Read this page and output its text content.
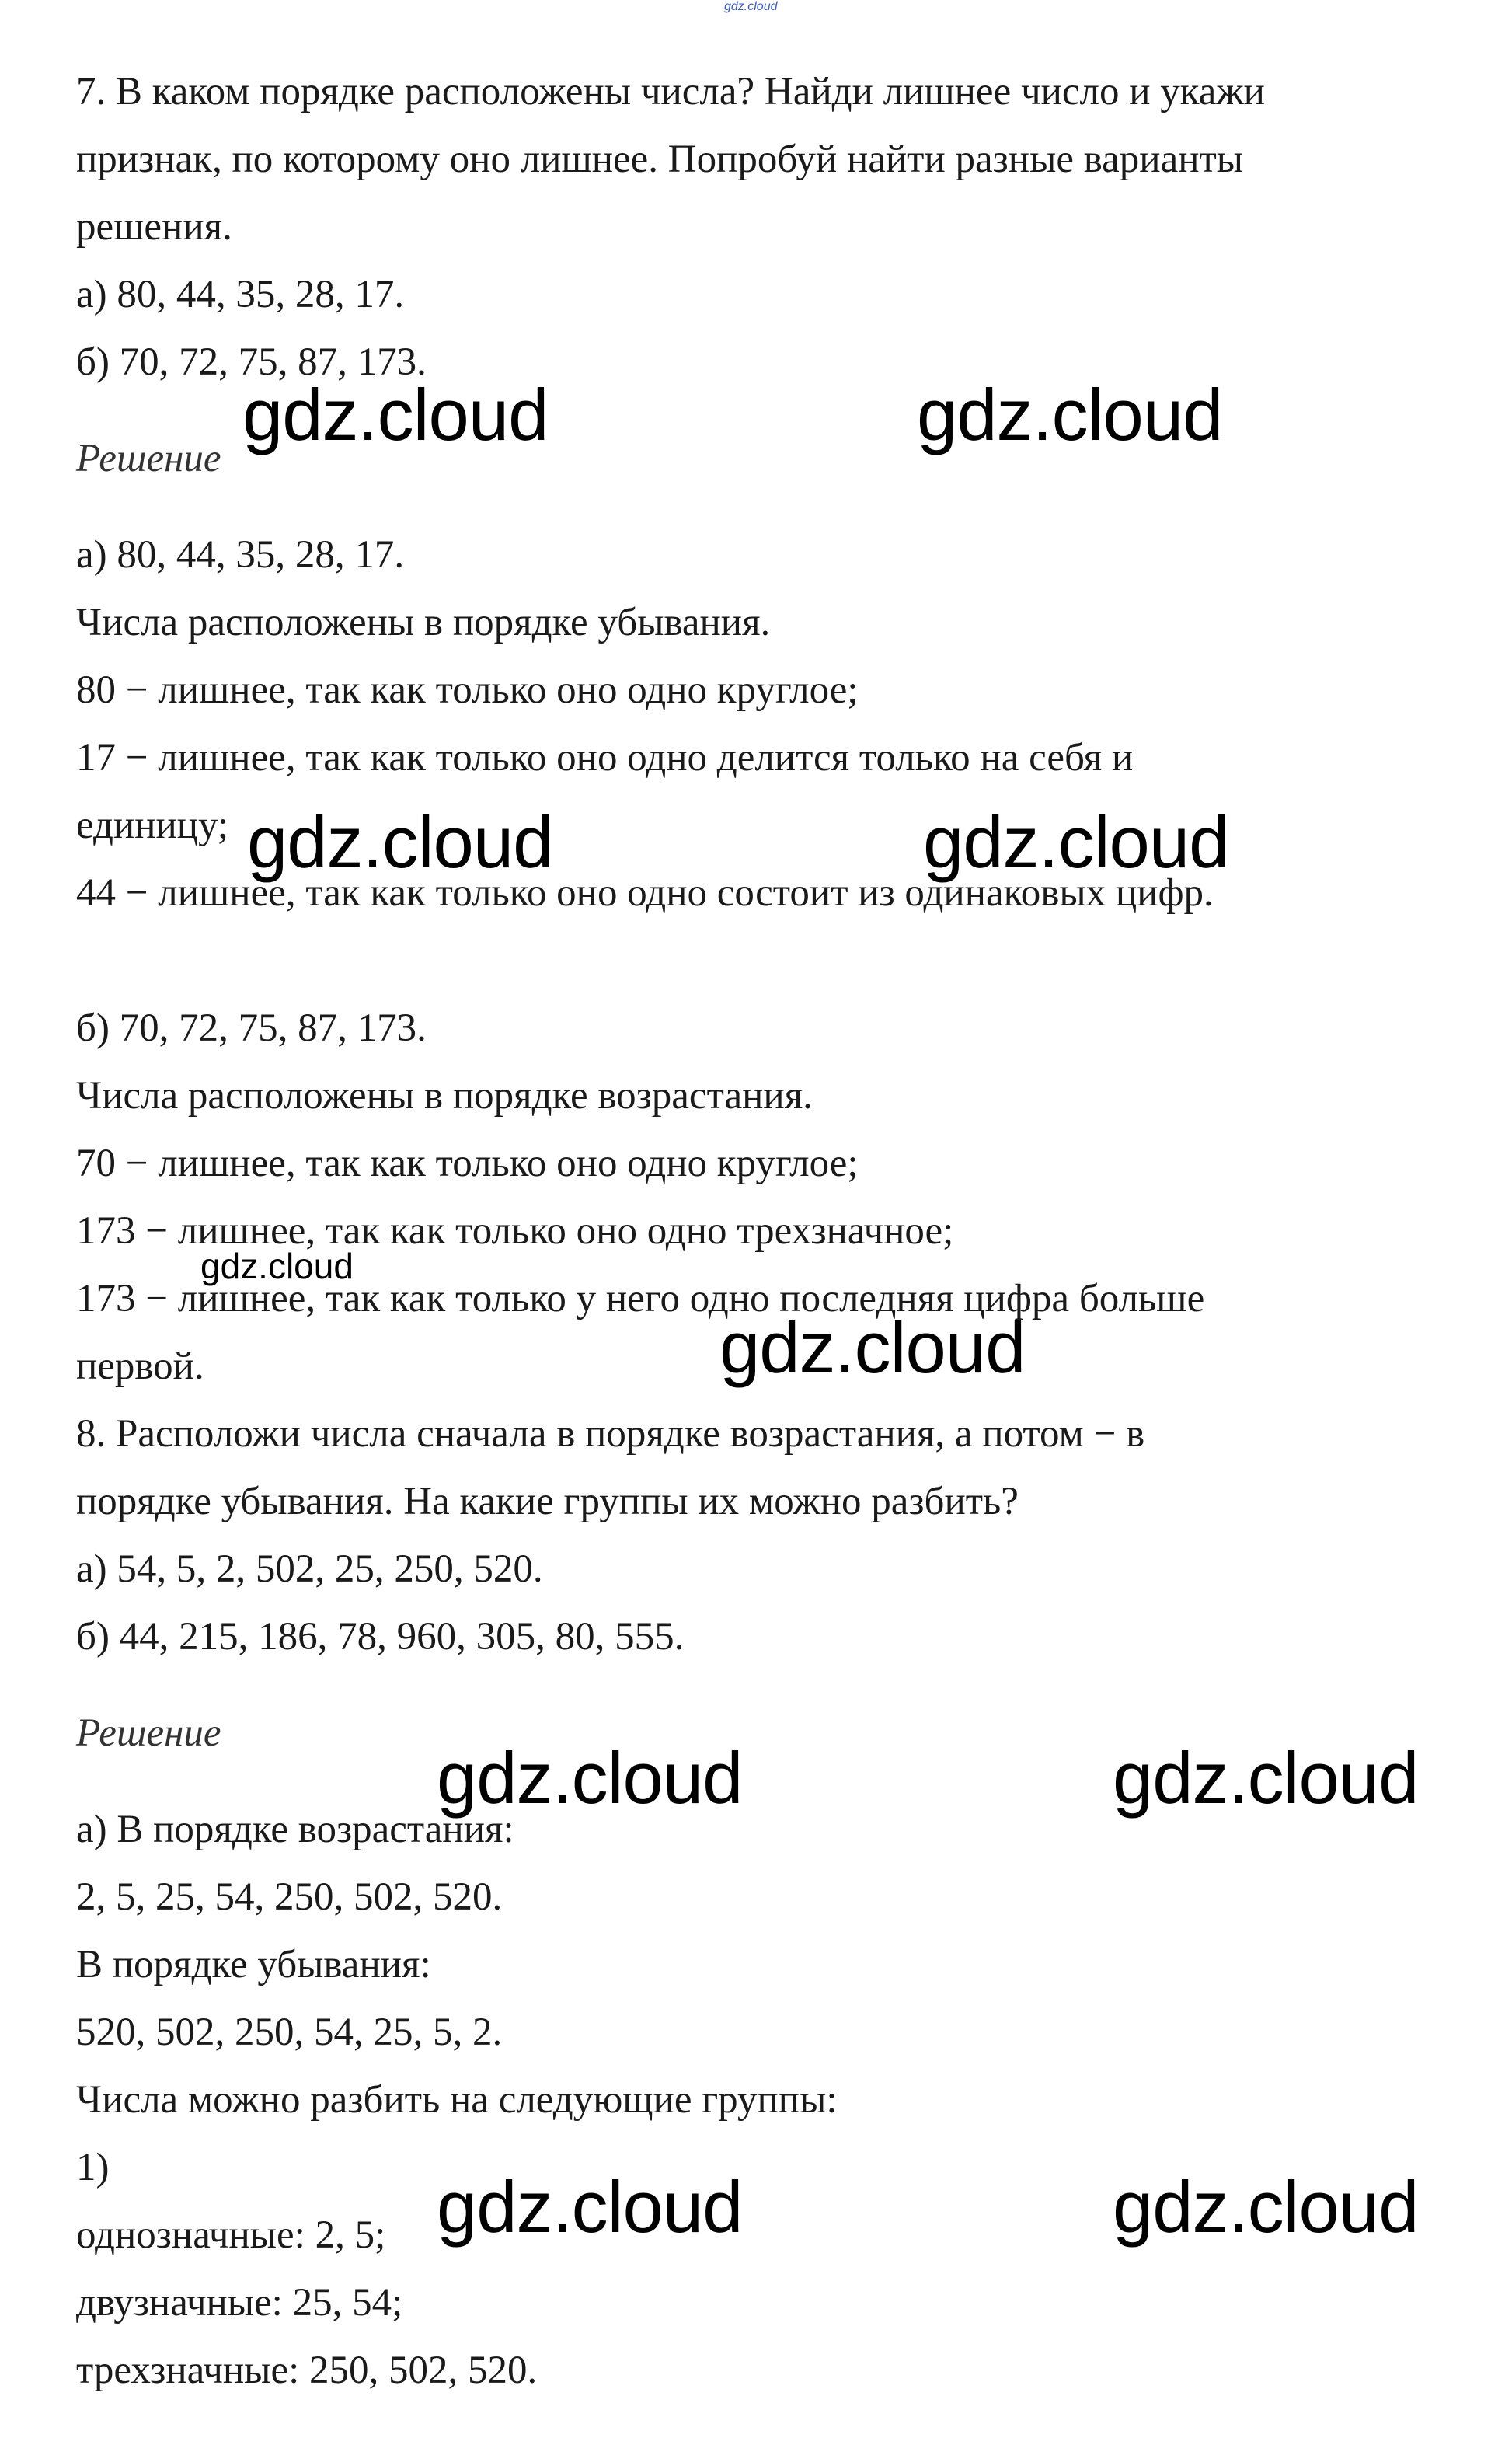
gdz.cloud
7. В каком порядке расположены числа? Найди лишнее число и укажи
признак, по которому оно лишнее. Попробуй найти разные варианты
решения.
а) 80, 44, 35, 28, 17.
б) 70, 72, 75, 87, 173.
Решение
а) 80, 44, 35, 28, 17.
Числа расположены в порядке убывания.
80 − лишнее, так как только оно одно круглое;
17 − лишнее, так как только оно одно делится только на себя и
единицу;
44 − лишнее, так как только оно одно состоит из одинаковых цифр.
б) 70, 72, 75, 87, 173.
Числа расположены в порядке возрастания.
70 − лишнее, так как только оно одно круглое;
173 − лишнее, так как только оно одно трехзначное;
173 − лишнее, так как только у него одно последняя цифра больше
первой.
8. Расположи числа сначала в порядке возрастания, а потом − в
порядке убывания. На какие группы их можно разбить?
а) 54, 5, 2, 502, 25, 250, 520.
б) 44, 215, 186, 78, 960, 305, 80, 555.
Решение
а) В порядке возрастания:
2, 5, 25, 54, 250, 502, 520.
В порядке убывания:
520, 502, 250, 54, 25, 5, 2.
Числа можно разбить на следующие группы:
1)
однозначные: 2, 5;
двузначные: 25, 54;
трехзначные: 250, 502, 520.
gdz.cloud	gdz.cloud
gdz.cloud	gdz.cloud
gdz.cloud
gdz.cloud
gdz.cloud	gdz.cloud
gdz.cloud	gdz.cloud
